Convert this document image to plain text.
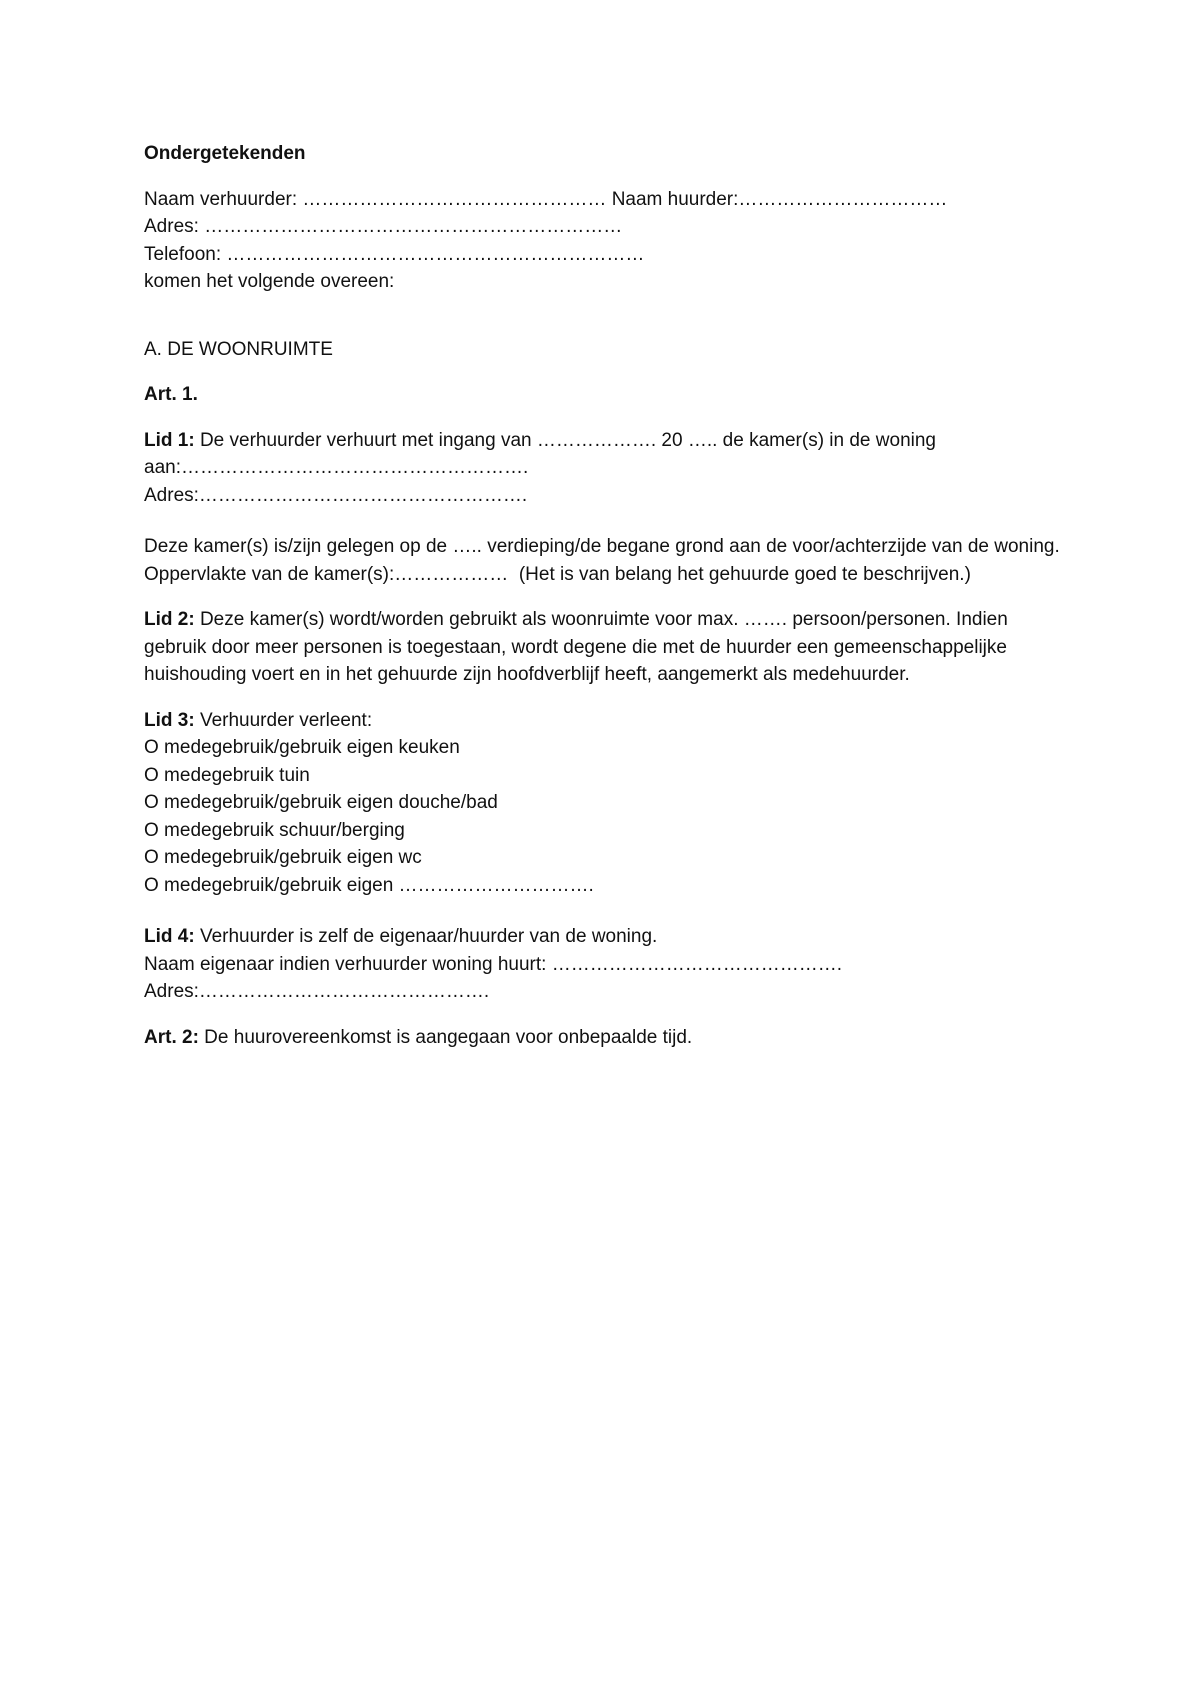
Ondergetekenden
Naam verhuurder: ………………………………………… Naam huurder:……………………………
Adres: …………………………………………………………
Telefoon: …………………………………………………………
komen het volgende overeen:
A. DE WOONRUIMTE
Art. 1.
Lid 1: De verhuurder verhuurt met ingang van ………………. 20 ….. de kamer(s) in de woning
aan:……………………………………………….
Adres:…………………………………………….
Deze kamer(s) is/zijn gelegen op de ….. verdieping/de begane grond aan de voor/achterzijde van de woning.
Oppervlakte van de kamer(s):………………  (Het is van belang het gehuurde goed te beschrijven.)
Lid 2: Deze kamer(s) wordt/worden gebruikt als woonruimte voor max. ……. persoon/personen. Indien gebruik door meer personen is toegestaan, wordt degene die met de huurder een gemeenschappelijke huishouding voert en in het gehuurde zijn hoofdverblijf heeft, aangemerkt als medehuurder.
Lid 3: Verhuurder verleent:
O medegebruik/gebruik eigen keuken
O medegebruik tuin
O medegebruik/gebruik eigen douche/bad
O medegebruik schuur/berging
O medegebruik/gebruik eigen wc
O medegebruik/gebruik eigen ………………………….
Lid 4: Verhuurder is zelf de eigenaar/huurder van de woning.
Naam eigenaar indien verhuurder woning huurt: ……………………………………….
Adres:……………………………………….
Art. 2: De huurovereenkomst is aangegaan voor onbepaalde tijd.
